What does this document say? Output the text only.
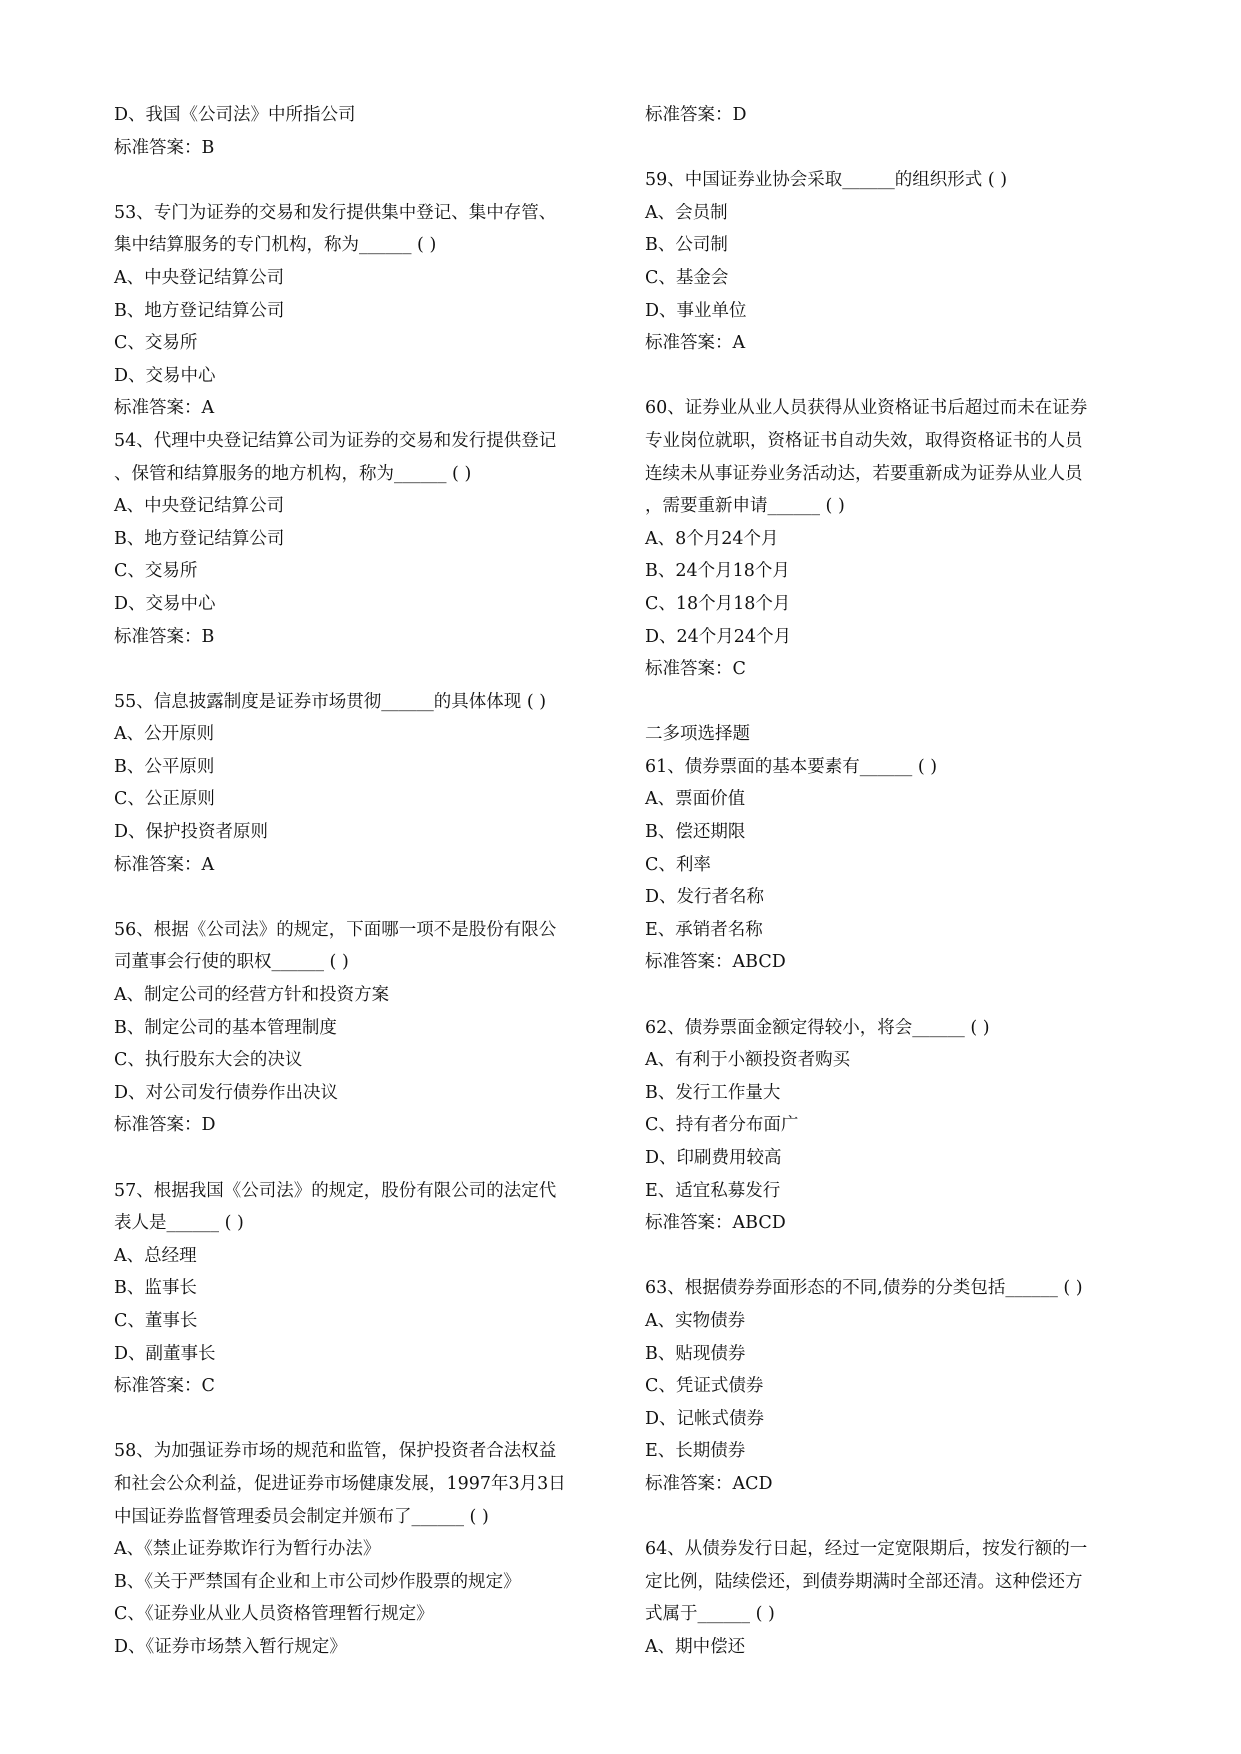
D、我国《公司法》中所指公司
标准答案：B
53、专门为证券的交易和发行提供集中登记、集中存管、
集中结算服务的专门机构，称为______ ( )
A、中央登记结算公司
B、地方登记结算公司
C、交易所
D、交易中心
标准答案：A
54、代理中央登记结算公司为证券的交易和发行提供登记
、保管和结算服务的地方机构，称为______ ( )
A、中央登记结算公司
B、地方登记结算公司
C、交易所
D、交易中心
标准答案：B
55、信息披露制度是证券市场贯彻______的具体体现 ( )
A、公开原则
B、公平原则
C、公正原则
D、保护投资者原则
标准答案：A
56、根据《公司法》的规定，下面哪一项不是股份有限公
司董事会行使的职权______ ( )
A、制定公司的经营方针和投资方案
B、制定公司的基本管理制度
C、执行股东大会的决议
D、对公司发行债券作出决议
标准答案：D
57、根据我国《公司法》的规定，股份有限公司的法定代
表人是______ ( )
A、总经理
B、监事长
C、董事长
D、副董事长
标准答案：C
58、为加强证券市场的规范和监管，保护投资者合法权益
和社会公众利益，促进证券市场健康发展，1997年3月3日
中国证券监督管理委员会制定并颁布了______ ( )
A、《禁止证券欺诈行为暂行办法》
B、《关于严禁国有企业和上市公司炒作股票的规定》
C、《证券业从业人员资格管理暂行规定》
D、《证券市场禁入暂行规定》
标准答案：D
59、中国证券业协会采取______的组织形式 ( )
A、会员制
B、公司制
C、基金会
D、事业单位
标准答案：A
60、证券业从业人员获得从业资格证书后超过而未在证券
专业岗位就职，资格证书自动失效，取得资格证书的人员
连续未从事证券业务活动达，若要重新成为证券从业人员
，需要重新申请______ ( )
A、8个月24个月
B、24个月18个月
C、18个月18个月
D、24个月24个月
标准答案：C
二多项选择题
61、债券票面的基本要素有______ ( )
A、票面价值
B、偿还期限
C、利率
D、发行者名称
E、承销者名称
标准答案：ABCD
62、债券票面金额定得较小，将会______ ( )
A、有利于小额投资者购买
B、发行工作量大
C、持有者分布面广
D、印刷费用较高
E、适宜私募发行
标准答案：ABCD
63、根据债券券面形态的不同,债券的分类包括______ ( )
A、实物债券
B、贴现债券
C、凭证式债券
D、记帐式债券
E、长期债券
标准答案：ACD
64、从债券发行日起，经过一定宽限期后，按发行额的一
定比例，陆续偿还，到债券期满时全部还清。这种偿还方
式属于______ ( )
A、期中偿还
